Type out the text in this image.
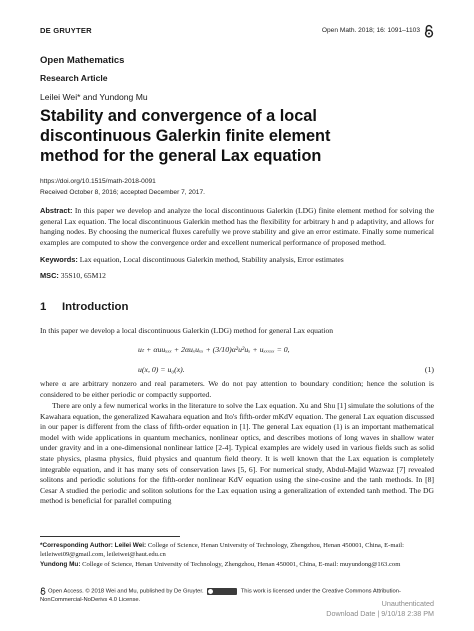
DE GRUYTER	Open Math. 2018; 16: 1091–1103
Open Mathematics
Research Article
Leilei Wei* and Yundong Mu
Stability and convergence of a local discontinuous Galerkin finite element method for the general Lax equation
https://doi.org/10.1515/math-2018-0091
Received October 8, 2016; accepted December 7, 2017.
Abstract: In this paper we develop and analyze the local discontinuous Galerkin (LDG) finite element method for solving the general Lax equation. The local discontinuous Galerkin method has the flexibility for arbitrary h and p adaptivity, and allows for hanging nodes. By choosing the numerical fluxes carefully we prove stability and give an error estimate. Finally some numerical examples are computed to show the convergence order and excellent numerical performance of proposed method.
Keywords: Lax equation, Local discontinuous Galerkin method, Stability analysis, Error estimates
MSC: 35S10, 65M12
1 Introduction
In this paper we develop a local discontinuous Galerkin (LDG) method for general Lax equation
uₜ + αuuₓₓₓ + 2αuₓuₓₓ + (3/10)α²u²uₓ + uₓₓₓₓₓ = 0,
u(x, 0) = u₀(x).	(1)
where α are arbitrary nonzero and real parameters. We do not pay attention to boundary condition; hence the solution is considered to be either periodic or compactly supported.
There are only a few numerical works in the literature to solve the Lax equation. Xu and Shu [1] simulate the solutions of the Kawahara equation, the generalized Kawahara equation and Ito's fifth-order mKdV equation. The general Lax equation discussed in our paper is different from the class of fifth-order equation in [1]. The general Lax equation (1) is an important mathematical model with wide applications in quantum mechanics, nonlinear optics, and describes motions of long waves in shallow water under gravity and in a one-dimensional nonlinear lattice [2-4]. Typical examples are widely used in various fields such as solid state physics, plasma physics, fluid physics and quantum field theory. It is well known that the Lax equation is completely integrable equation, and it has many sets of conservation laws [5, 6]. For numerical study, Abdul-Majid Wazwaz [7] revealed solitons and periodic solutions for the fifth-order nonlinear KdV equation using the sine-cosine and the tanh methods. In [8] Cesar A studied the periodic and soliton solutions for the Lax equation using a generalization of extended tanh method. The DG method is beneficial for parallel computing
*Corresponding Author: Leilei Wei: College of Science, Henan University of Technology, Zhengzhou, Henan 450001, China, E-mail: leileiwei09@gmail.com, leileiwei@haut.edu.cn
Yundong Mu: College of Science, Henan University of Technology, Zhengzhou, Henan 450001, China, E-mail: muyundong@163.com
Open Access. © 2018 Wei and Mu, published by De Gruyter.	This work is licensed under the Creative Commons Attribution-NonCommercial-NoDerivs 4.0 License.	Unauthenticated
Download Date | 9/10/18 2:38 PM
